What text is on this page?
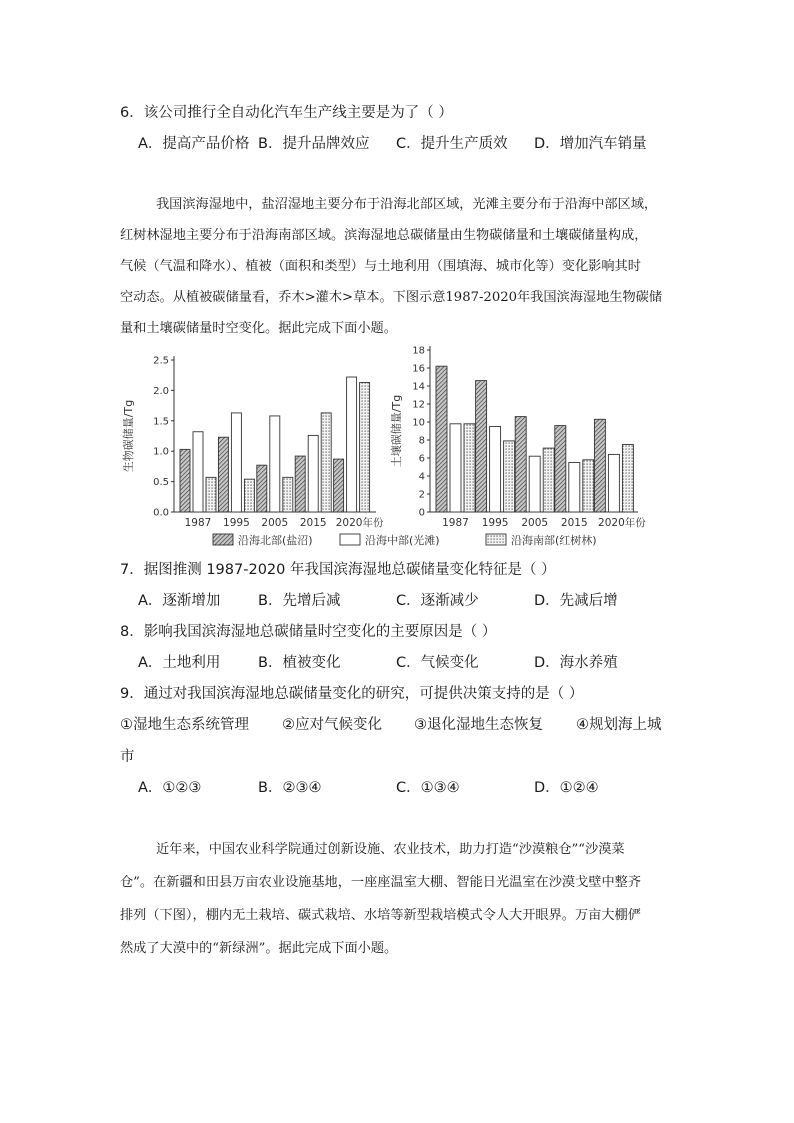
6．该公司推行全自动化汽车生产线主要是为了（ ）
A．提高产品价格 B．提升品牌效应 C．提升生产质效 D．增加汽车销量
我国滨海湿地中，盐沼湿地主要分布于沿海北部区域，光滩主要分布于沿海中部区域，
红树林湿地主要分布于沿海南部区域。滨海湿地总碳储量由生物碳储量和土壤碳储量构成，
气候（气温和降水）、植被（面积和类型）与土地利用（围填海、城市化等）变化影响其时
空动态。从植被碳储量看，乔木>灌木>草本。下图示意1987-2020年我国滨海湿地生物碳储
量和土壤碳储量时空变化。据此完成下面小题。
0.0
0.5
1.0
1.5
2.0
2.5
生物碳储量/Tg
1987 1995 2005 2015 2020年份
0
2
4
6
8
10
12
14
16
18
土壤碳储量/Tg
1987 1995 2005 2015 2020年份
沿海北部(盐沼)	沿海中部(光滩)	沿海南部(红树林)
7．据图推测 1987-2020 年我国滨海湿地总碳储量变化特征是（ ）
A．逐渐增加	B．先增后减	C．逐渐减少	D．先减后增
8．影响我国滨海湿地总碳储量时空变化的主要原因是（ ）
A．土地利用	B．植被变化	C．气候变化	D．海水养殖
9．通过对我国滨海湿地总碳储量变化的研究，可提供决策支持的是（ ）
①湿地生态系统管理 ②应对气候变化 ③退化湿地生态恢复 ④规划海上城
市
A．①②③	B．②③④	C．①③④	D．①②④
近年来，中国农业科学院通过创新设施、农业技术，助力打造“沙漠粮仓”“沙漠菜
仓”。在新疆和田县万亩农业设施基地，一座座温室大棚、智能日光温室在沙漠戈壁中整齐
排列（下图），棚内无土栽培、碳式栽培、水培等新型栽培模式令人大开眼界。万亩大棚俨
然成了大漠中的“新绿洲”。据此完成下面小题。
